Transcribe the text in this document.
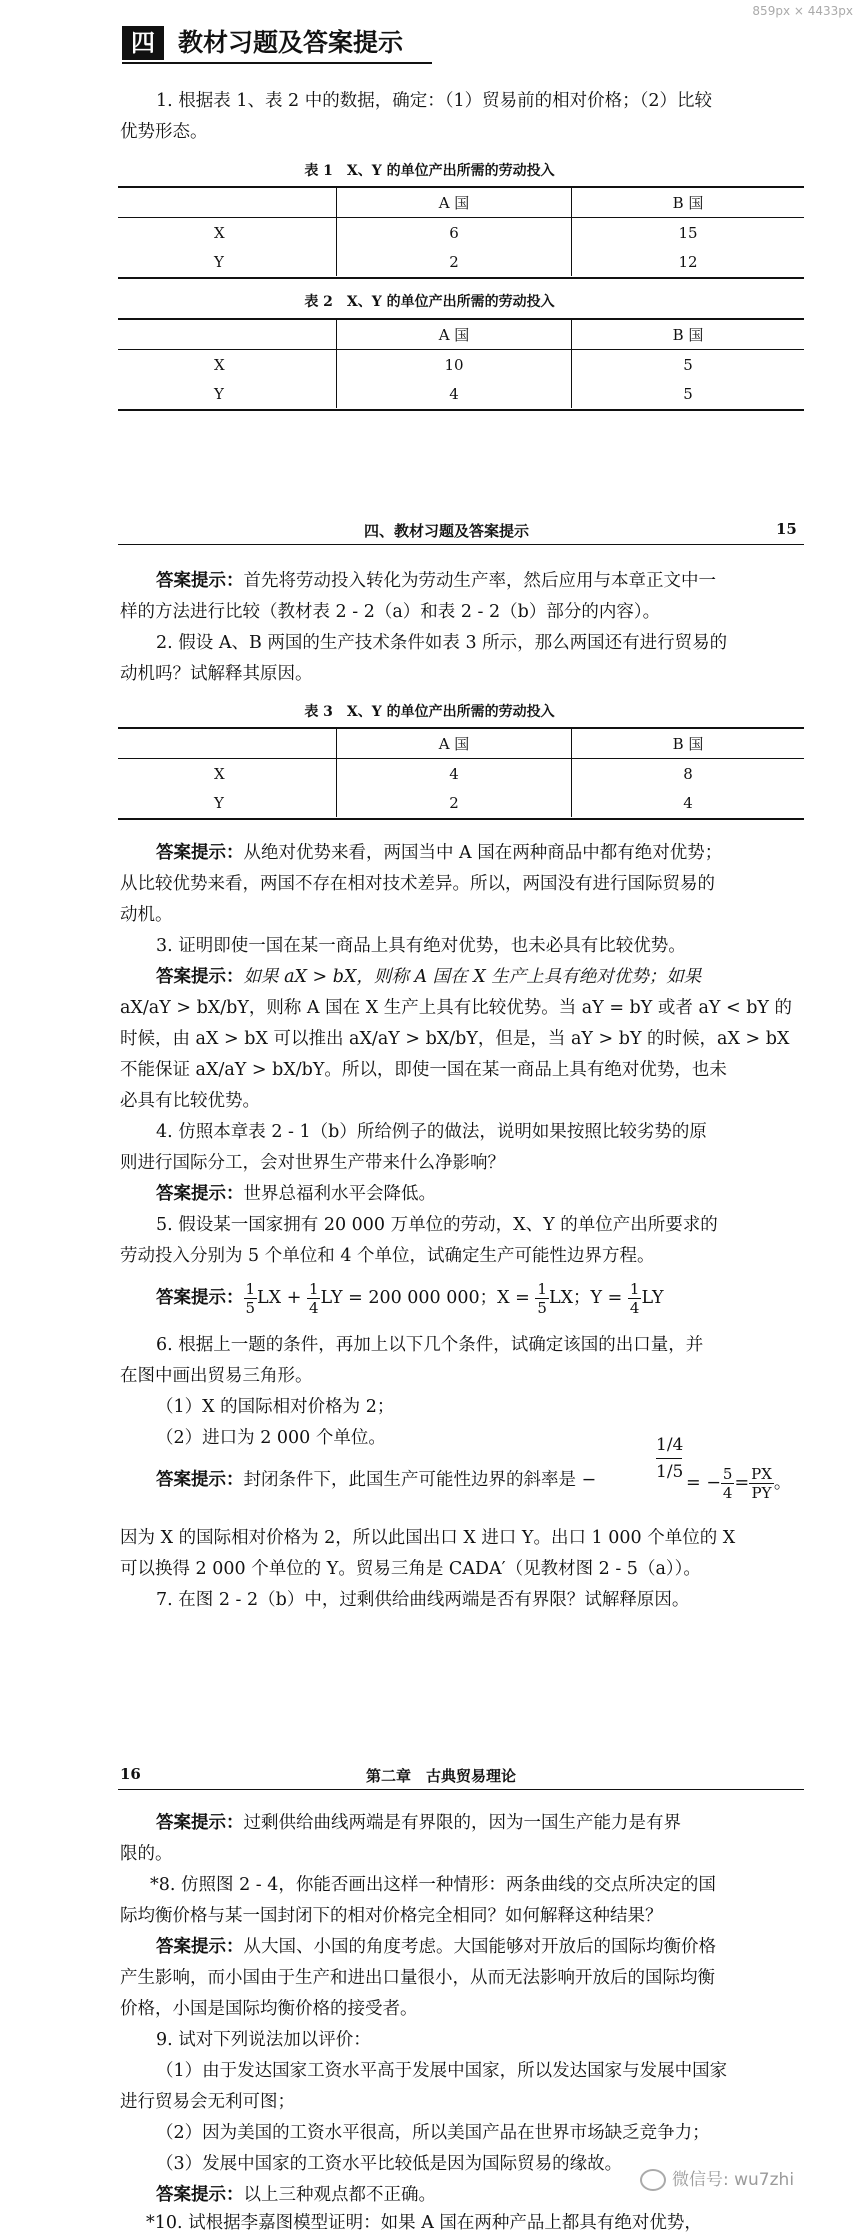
859px × 4433px
四 教材习题及答案提示
1. 根据表 1、表 2 中的数据，确定：（1）贸易前的相对价格；（2）比较
优势形态。
表 1　X、Y 的单位产出所需的劳动投入
	A 国	B 国
X	6	15
Y	2	12
表 2　X、Y 的单位产出所需的劳动投入
	A 国	B 国
X	10	5
Y	4	5
四、教材习题及答案提示	15
答案提示：首先将劳动投入转化为劳动生产率，然后应用与本章正文中一
样的方法进行比较（教材表 2 - 2（a）和表 2 - 2（b）部分的内容）。
2. 假设 A、B 两国的生产技术条件如表 3 所示，那么两国还有进行贸易的
动机吗？试解释其原因。
表 3　X、Y 的单位产出所需的劳动投入
	A 国	B 国
X	4	8
Y	2	4
答案提示：从绝对优势来看，两国当中 A 国在两种商品中都有绝对优势；
从比较优势来看，两国不存在相对技术差异。所以，两国没有进行国际贸易的
动机。
3. 证明即使一国在某一商品上具有绝对优势，也未必具有比较优势。
答案提示：如果 aX > bX，则称 A 国在 X 生产上具有绝对优势；如果
aX/aY > bX/bY，则称 A 国在 X 生产上具有比较优势。当 aY = bY 或者 aY < bY 的
时候，由 aX > bX 可以推出 aX/aY > bX/bY，但是，当 aY > bY 的时候，aX > bX
不能保证 aX/aY > bX/bY。所以，即使一国在某一商品上具有绝对优势，也未
必具有比较优势。
4. 仿照本章表 2 - 1（b）所给例子的做法，说明如果按照比较劣势的原
则进行国际分工，会对世界生产带来什么净影响？
答案提示：世界总福利水平会降低。
5. 假设某一国家拥有 20 000 万单位的劳动，X、Y 的单位产出所要求的
劳动投入分别为 5 个单位和 4 个单位，试确定生产可能性边界方程。
答案提示： $\frac{1}{5}$ LX + $\frac{1}{4}$ LY = 200 000 000；$X = \frac{1}{5}$ LX；$Y = \frac{1}{4}$ LY
6. 根据上一题的条件，再加上以下几个条件，试确定该国的出口量，并
在图中画出贸易三角形。
（1）X 的国际相对价格为 2；
（2）进口为 2 000 个单位。
答案提示：封闭条件下，此国生产可能性边界的斜率是 −	$\frac{1/4}{1/5}$ = − $\frac{5}{4} = \frac{PX}{PY}$ 。
因为 X 的国际相对价格为 2，所以此国出口 X 进口 Y。出口 1 000 个单位的 X
可以换得 2 000 个单位的 Y。贸易三角是 CADA′（见教材图 2 - 5（a））。
7. 在图 2 - 2（b）中，过剩供给曲线两端是否有界限？试解释原因。
16	第二章　古典贸易理论
答案提示：过剩供给曲线两端是有界限的，因为一国生产能力是有界
限的。
*8. 仿照图 2 - 4，你能否画出这样一种情形：两条曲线的交点所决定的国
际均衡价格与某一国封闭下的相对价格完全相同？如何解释这种结果？
答案提示：从大国、小国的角度考虑。大国能够对开放后的国际均衡价格
产生影响，而小国由于生产和进出口量很小，从而无法影响开放后的国际均衡
价格，小国是国际均衡价格的接受者。
9. 试对下列说法加以评价：
（1）由于发达国家工资水平高于发展中国家，所以发达国家与发展中国家
进行贸易会无利可图；
（2）因为美国的工资水平很高，所以美国产品在世界市场缺乏竞争力；
（3）发展中国家的工资水平比较低是因为国际贸易的缘故。
答案提示：以上三种观点都不正确。
*10. 试根据李嘉图模型证明：如果 A 国在两种产品上都具有绝对优势，
微信号: wu7zhi
